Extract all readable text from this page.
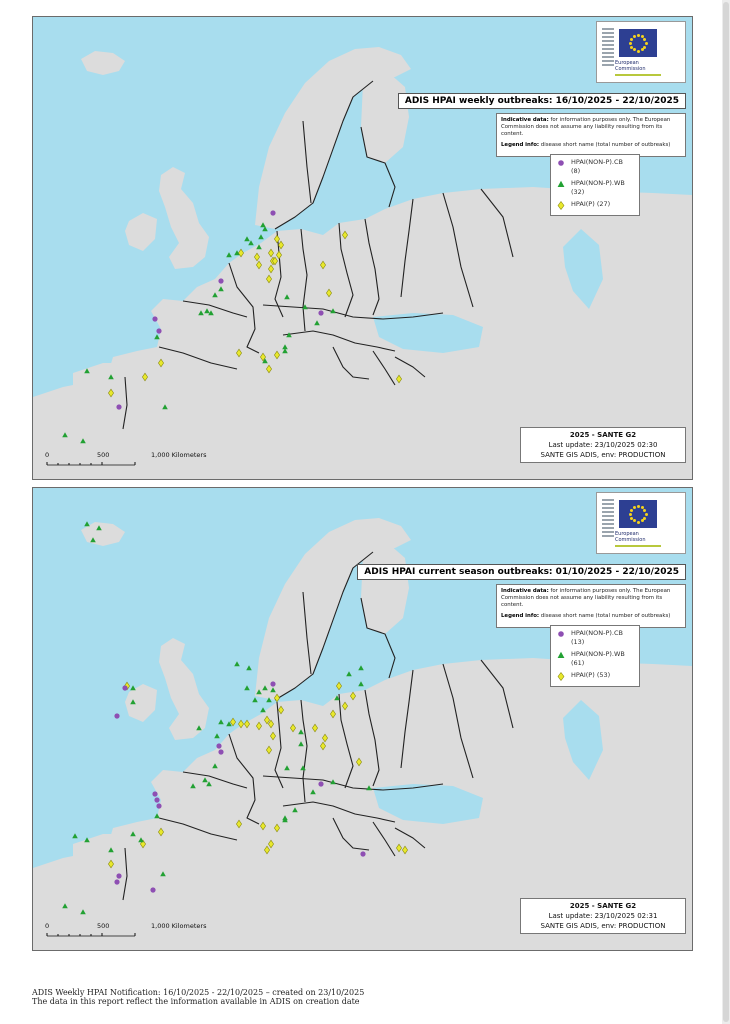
European
Commission
ADIS HPAI weekly outbreaks: 16/10/2025 - 22/10/2025

Indicative data: for information purposes only. The European Commission does not assume any liability resulting from its content.

Legend info: disease short name (total number of outbreaks)

HPAI(NON-P).CB
(8)
HPAI(NON-P).WB
(32)
HPAI(P) (27)
2025 - SANTE G2
Last update: 23/10/2025 02:30
SANTE GIS ADIS, env: PRODUCTION
0	500	1,000 Kilometers
European
Commission
ADIS HPAI current season outbreaks: 01/10/2025 - 22/10/2025

Indicative data: for information purposes only. The European Commission does not assume any liability resulting from its content.

Legend info: disease short name (total number of outbreaks)

HPAI(NON-P).CB
(13)
HPAI(NON-P).WB
(61)
HPAI(P) (53)
2025 - SANTE G2
Last update: 23/10/2025 02:31
SANTE GIS ADIS, env: PRODUCTION
0	500	1,000 Kilometers
ADIS Weekly HPAI Notification: 16/10/2025 - 22/10/2025 – created on 23/10/2025
The data in this report reflect the information available in ADIS on creation date
